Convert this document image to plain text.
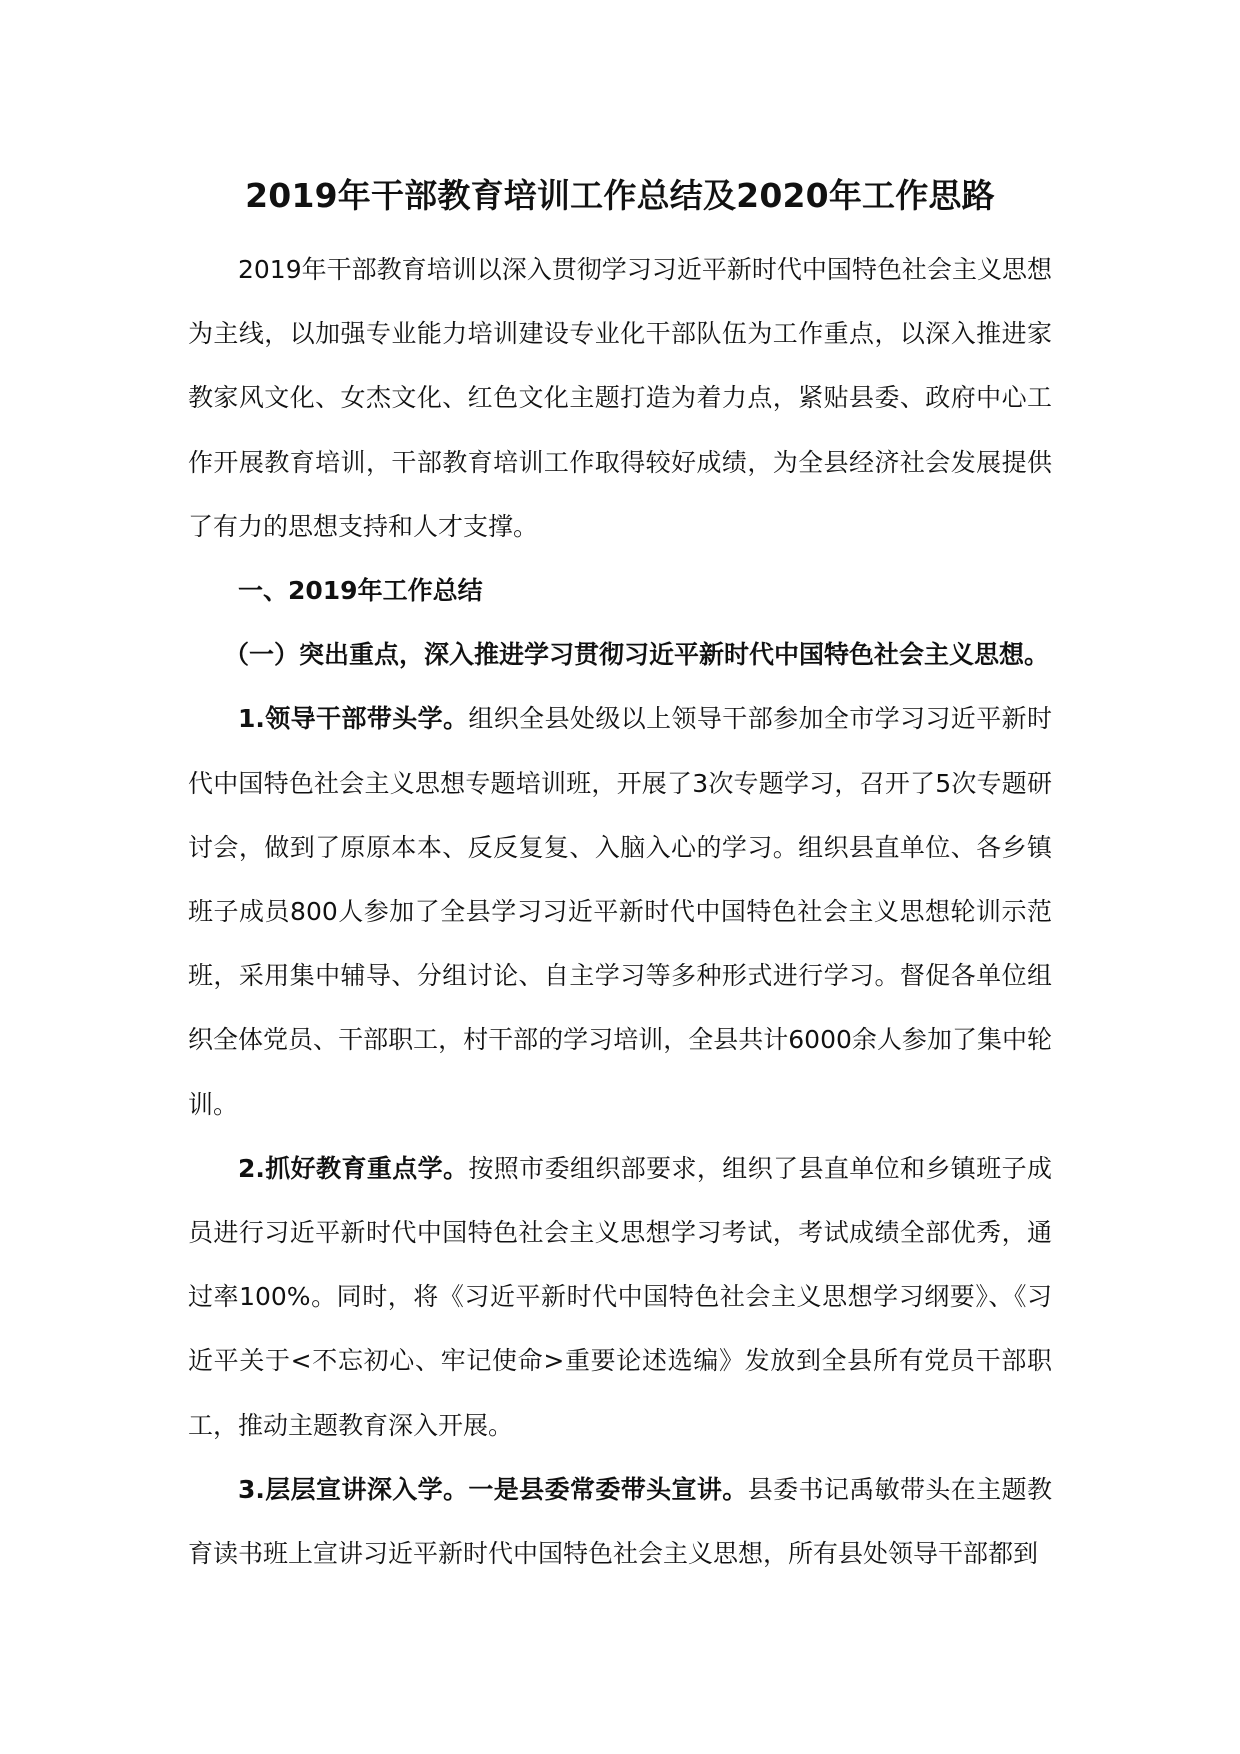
2019年干部教育培训工作总结及2020年工作思路

2019年干部教育培训以深入贯彻学习习近平新时代中国特色社会主义思想为主线，以加强专业能力培训建设专业化干部队伍为工作重点，以深入推进家教家风文化、女杰文化、红色文化主题打造为着力点，紧贴县委、政府中心工作开展教育培训，干部教育培训工作取得较好成绩，为全县经济社会发展提供了有力的思想支持和人才支撑。

一、2019年工作总结

（一）突出重点，深入推进学习贯彻习近平新时代中国特色社会主义思想。

1.领导干部带头学。组织全县处级以上领导干部参加全市学习习近平新时代中国特色社会主义思想专题培训班，开展了3次专题学习，召开了5次专题研讨会，做到了原原本本、反反复复、入脑入心的学习。组织县直单位、各乡镇班子成员800人参加了全县学习习近平新时代中国特色社会主义思想轮训示范班，采用集中辅导、分组讨论、自主学习等多种形式进行学习。督促各单位组织全体党员、干部职工，村干部的学习培训，全县共计6000余人参加了集中轮训。

2.抓好教育重点学。按照市委组织部要求，组织了县直单位和乡镇班子成员进行习近平新时代中国特色社会主义思想学习考试，考试成绩全部优秀，通过率100%。同时，将《习近平新时代中国特色社会主义思想学习纲要》、《习近平关于<不忘初心、牢记使命>重要论述选编》发放到全县所有党员干部职工，推动主题教育深入开展。

3.层层宣讲深入学。一是县委常委带头宣讲。县委书记禹敏带头在主题教育读书班上宣讲习近平新时代中国特色社会主义思想，所有县处领导干部都到
